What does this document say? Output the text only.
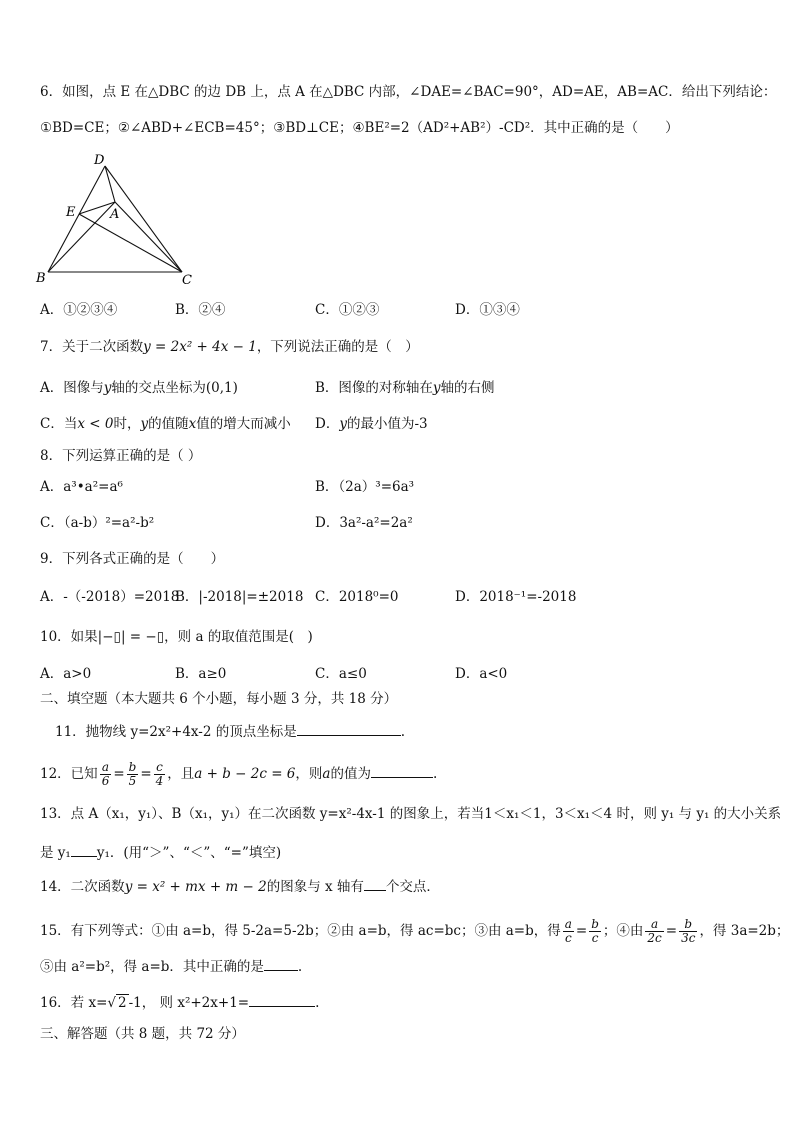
6．如图，点 E 在△DBC 的边 DB 上，点 A 在△DBC 内部，∠DAE=∠BAC=90°，AD=AE，AB=AC．给出下列结论：
①BD=CE；②∠ABD+∠ECB=45°；③BD⊥CE；④BE²=2（AD²+AB²）-CD²．其中正确的是（　　）
D
E	A
B	C
A．①②③④	B．②④	C．①②③	D．①③④
7．关于二次函数y = 2x² + 4x − 1，下列说法正确的是（　）
A．图像与y轴的交点坐标为(0,1)	B．图像的对称轴在y轴的右侧
C．当x < 0时，y的值随x值的增大而减小 D．y的最小值为-3
8．下列运算正确的是（ ）
A．a³•a²=a⁶	B．（2a）³=6a³
C．（a-b）²=a²-b²	D．3a²-a²=2a²
9．下列各式正确的是（　　）
A．-（-2018）=2018
B．|-2018|=±2018 C．2018⁰=0	D．2018⁻¹=-2018
10．如果|−▯| = −▯，则 a 的取值范围是(　)
A．a>0	B．a≥0	C．a≤0	D．a<0
二、填空题（本大题共 6 个小题，每小题 3 分，共 18 分）
11．抛物线 y=2x²+4x-2 的顶点坐标是	.
12．已知 $\frac{a}{6} = \frac{b}{5} = \frac{c}{4}$ ，且a + b − 2c = 6，则a的值为	.
13．点 A（x₁，y₁）、B（x₁，y₁）在二次函数 y=x²-4x-1 的图象上，若当1＜x₁＜1，3＜x₁＜4 时，则 y₁ 与 y₁ 的大小关系
是 y₁ y₁．(用“＞”、“＜”、“=”填空)
14．二次函数y = x² + mx + m − 2的图象与 x 轴有 个交点．
15．有下列等式：①由 a=b，得 5-2a=5-2b；②由 a=b，得 ac=bc；③由 a=b，得 $\frac{a}{c} = \frac{b}{c}$ ；④由 $\frac{a}{2c} = \frac{b}{3c}$ ，得 3a=2b；
⑤由 a²=b²，得 a=b．其中正确的是	.
16．若 x=√ 2 -1， 则 x²+2x+1=	.
三、解答题（共 8 题，共 72 分）
